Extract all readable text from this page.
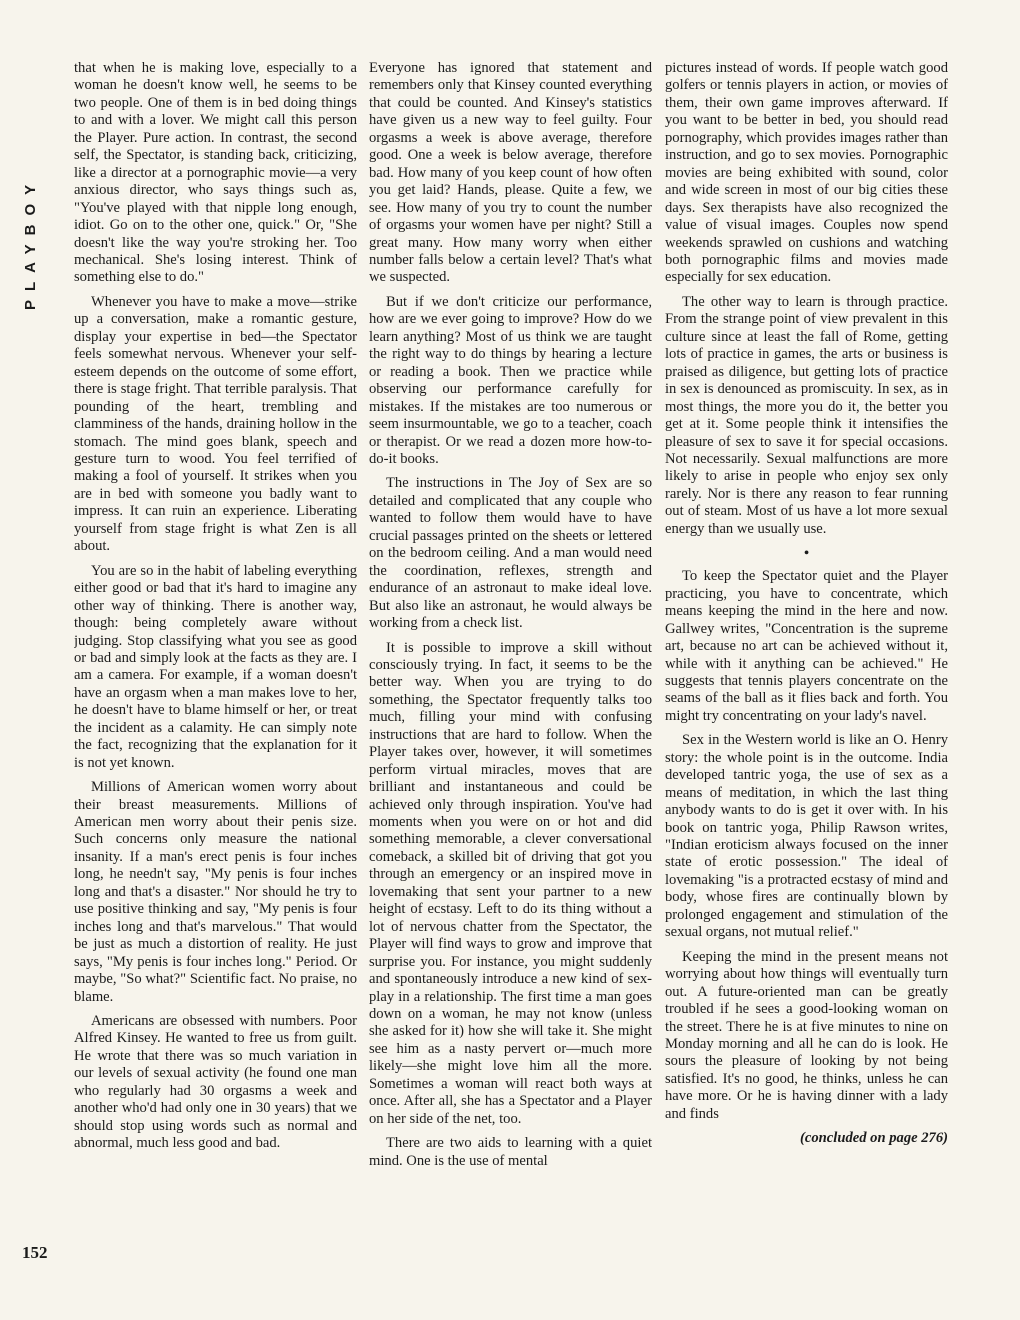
PLAYBOY
152

that when he is making love, especially to a woman he doesn't know well, he seems to be two people. One of them is in bed doing things to and with a lover. We might call this person the Player. Pure action. In contrast, the second self, the Spectator, is standing back, criticizing, like a director at a pornographic movie—a very anxious director, who says things such as, "You've played with that nipple long enough, idiot. Go on to the other one, quick." Or, "She doesn't like the way you're stroking her. Too mechanical. She's losing interest. Think of something else to do."

Whenever you have to make a move—strike up a conversation, make a romantic gesture, display your expertise in bed—the Spectator feels somewhat nervous. Whenever your self-esteem depends on the outcome of some effort, there is stage fright. That terrible paralysis. That pounding of the heart, trembling and clamminess of the hands, draining hollow in the stomach. The mind goes blank, speech and gesture turn to wood. You feel terrified of making a fool of yourself. It strikes when you are in bed with someone you badly want to impress. It can ruin an experience. Liberating yourself from stage fright is what Zen is all about.

You are so in the habit of labeling everything either good or bad that it's hard to imagine any other way of thinking. There is another way, though: being completely aware without judging. Stop classifying what you see as good or bad and simply look at the facts as they are. I am a camera. For example, if a woman doesn't have an orgasm when a man makes love to her, he doesn't have to blame himself or her, or treat the incident as a calamity. He can simply note the fact, recognizing that the explanation for it is not yet known.

Millions of American women worry about their breast measurements. Millions of American men worry about their penis size. Such concerns only measure the national insanity. If a man's erect penis is four inches long, he needn't say, "My penis is four inches long and that's a disaster." Nor should he try to use positive thinking and say, "My penis is four inches long and that's marvelous." That would be just as much a distortion of reality. He just says, "My penis is four inches long." Period. Or maybe, "So what?" Scientific fact. No praise, no blame.

Americans are obsessed with numbers. Poor Alfred Kinsey. He wanted to free us from guilt. He wrote that there was so much variation in our levels of sexual activity (he found one man who regularly had 30 orgasms a week and another who'd had only one in 30 years) that we should stop using words such as normal and abnormal, much less good and bad.

Everyone has ignored that statement and remembers only that Kinsey counted everything that could be counted. And Kinsey's statistics have given us a new way to feel guilty. Four orgasms a week is above average, therefore good. One a week is below average, therefore bad. How many of you keep count of how often you get laid? Hands, please. Quite a few, we see. How many of you try to count the number of orgasms your women have per night? Still a great many. How many worry when either number falls below a certain level? That's what we suspected.

But if we don't criticize our performance, how are we ever going to improve? How do we learn anything? Most of us think we are taught the right way to do things by hearing a lecture or reading a book. Then we practice while observing our performance carefully for mistakes. If the mistakes are too numerous or seem insurmountable, we go to a teacher, coach or therapist. Or we read a dozen more how-to-do-it books.

The instructions in The Joy of Sex are so detailed and complicated that any couple who wanted to follow them would have to have crucial passages printed on the sheets or lettered on the bedroom ceiling. And a man would need the coordination, reflexes, strength and endurance of an astronaut to make ideal love. But also like an astronaut, he would always be working from a check list.

It is possible to improve a skill without consciously trying. In fact, it seems to be the better way. When you are trying to do something, the Spectator frequently talks too much, filling your mind with confusing instructions that are hard to follow. When the Player takes over, however, it will sometimes perform virtual miracles, moves that are brilliant and instantaneous and could be achieved only through inspiration. You've had moments when you were on or hot and did something memorable, a clever conversational comeback, a skilled bit of driving that got you through an emergency or an inspired move in lovemaking that sent your partner to a new height of ecstasy. Left to do its thing without a lot of nervous chatter from the Spectator, the Player will find ways to grow and improve that surprise you. For instance, you might suddenly and spontaneously introduce a new kind of sex-play in a relationship. The first time a man goes down on a woman, he may not know (unless she asked for it) how she will take it. She might see him as a nasty pervert or—much more likely—she might love him all the more. Sometimes a woman will react both ways at once. After all, she has a Spectator and a Player on her side of the net, too.

There are two aids to learning with a quiet mind. One is the use of mental

pictures instead of words. If people watch good golfers or tennis players in action, or movies of them, their own game improves afterward. If you want to be better in bed, you should read pornography, which provides images rather than instruction, and go to sex movies. Pornographic movies are being exhibited with sound, color and wide screen in most of our big cities these days. Sex therapists have also recognized the value of visual images. Couples now spend weekends sprawled on cushions and watching both pornographic films and movies made especially for sex education.

The other way to learn is through practice. From the strange point of view prevalent in this culture since at least the fall of Rome, getting lots of practice in games, the arts or business is praised as diligence, but getting lots of practice in sex is denounced as promiscuity. In sex, as in most things, the more you do it, the better you get at it. Some people think it intensifies the pleasure of sex to save it for special occasions. Not necessarily. Sexual malfunctions are more likely to arise in people who enjoy sex only rarely. Nor is there any reason to fear running out of steam. Most of us have a lot more sexual energy than we usually use.

•

To keep the Spectator quiet and the Player practicing, you have to concentrate, which means keeping the mind in the here and now. Gallwey writes, "Concentration is the supreme art, because no art can be achieved without it, while with it anything can be achieved." He suggests that tennis players concentrate on the seams of the ball as it flies back and forth. You might try concentrating on your lady's navel.

Sex in the Western world is like an O. Henry story: the whole point is in the outcome. India developed tantric yoga, the use of sex as a means of meditation, in which the last thing anybody wants to do is get it over with. In his book on tantric yoga, Philip Rawson writes, "Indian eroticism always focused on the inner state of erotic possession." The ideal of lovemaking "is a protracted ecstasy of mind and body, whose fires are continually blown by prolonged engagement and stimulation of the sexual organs, not mutual relief."

Keeping the mind in the present means not worrying about how things will eventually turn out. A future-oriented man can be greatly troubled if he sees a good-looking woman on the street. There he is at five minutes to nine on Monday morning and all he can do is look. He sours the pleasure of looking by not being satisfied. It's no good, he thinks, unless he can have more. Or he is having dinner with a lady and finds

(concluded on page 276)
